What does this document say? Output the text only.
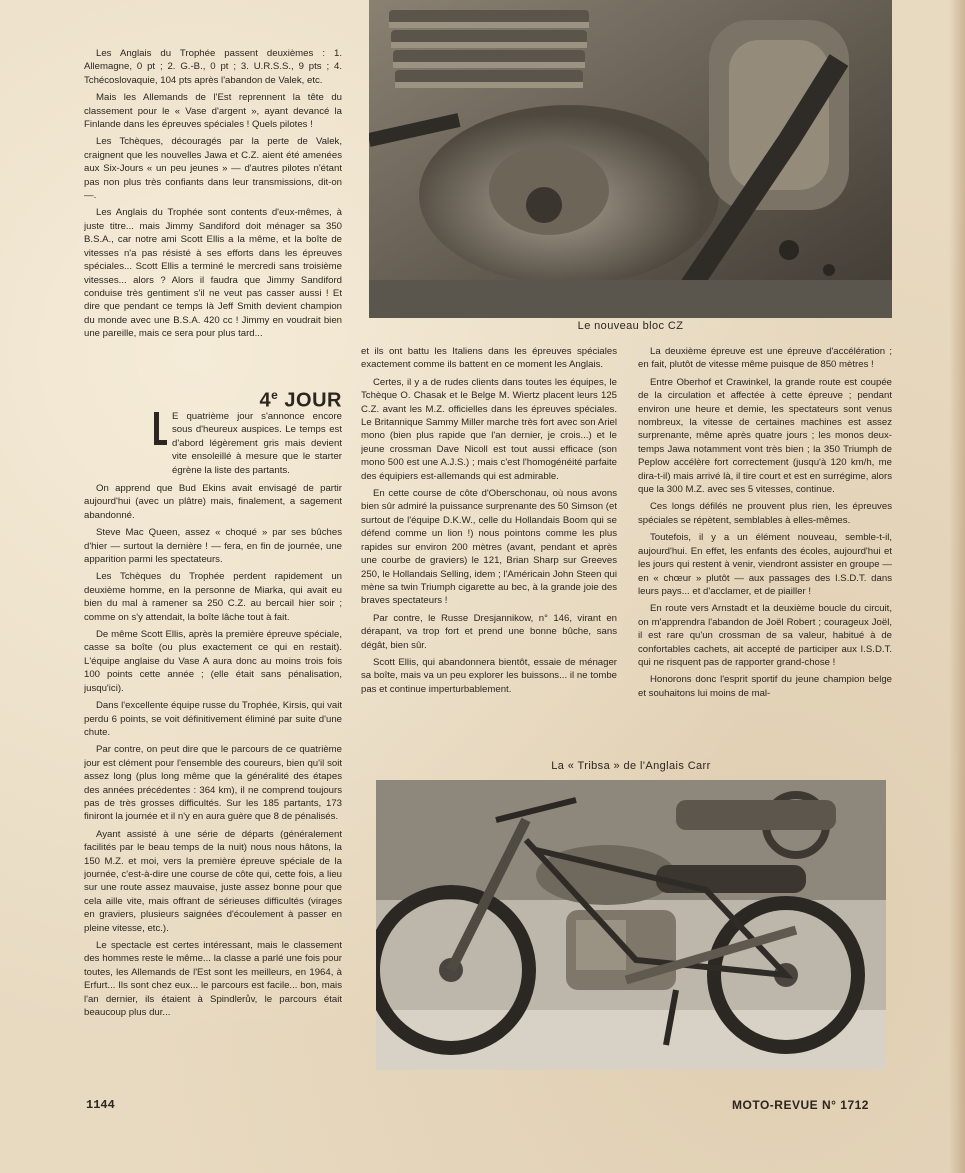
Les Anglais du Trophée passent deuxièmes : 1. Allemagne, 0 pt ; 2. G.-B., 0 pt ; 3. U.R.S.S., 9 pts ; 4. Tchécoslovaquie, 104 pts après l'abandon de Valek, etc.

Mais les Allemands de l'Est reprennent la tête du classement pour le « Vase d'argent », ayant devancé la Finlande dans les épreuves spéciales ! Quels pilotes !

Les Tchèques, découragés par la perte de Valek, craignent que les nouvelles Jawa et C.Z. aient été amenées aux Six-Jours « un peu jeunes » — d'autres pilotes n'étant pas non plus très confiants dans leur transmissions, dit-on —.

Les Anglais du Trophée sont contents d'eux-mêmes, à juste titre... mais Jimmy Sandiford doit ménager sa 350 B.S.A., car notre ami Scott Ellis a la même, et la boîte de vitesses n'a pas résisté à ses efforts dans les épreuves spéciales... Scott Ellis a terminé le mercredi sans troisième vitesses... alors ? Alors il faudra que Jimmy Sandiford conduise très gentiment s'il ne veut pas casser aussi ! Et dire que pendant ce temps là Jeff Smith devient champion du monde avec une B.S.A. 420 cc ! Jimmy en voudrait bien une pareille, mais ce sera pour plus tard...

4e JOUR
E quatrième jour s'annonce encore sous d'heureux auspices. Le temps est d'abord légèrement gris mais devient vite ensoleillé à mesure que le starter égrène la liste des partants.

On apprend que Bud Ekins avait envisagé de partir aujourd'hui (avec un plâtre) mais, finalement, a sagement abandonné.

Steve Mac Queen, assez « choqué » par ses bûches d'hier — surtout la dernière ! — fera, en fin de journée, une apparition parmi les spectateurs.

Les Tchèques du Trophée perdent rapidement un deuxième homme, en la personne de Miarka, qui avait eu bien du mal à ramener sa 250 C.Z. au bercail hier soir ; comme on s'y attendait, la boîte lâche tout à fait.

De même Scott Ellis, après la première épreuve spéciale, casse sa boîte (ou plus exactement ce qui en restait). L'équipe anglaise du Vase A aura donc au moins trois fois 100 points cette année ; (elle était sans pénalisation, jusqu'ici).

Dans l'excellente équipe russe du Trophée, Kirsis, qui vait perdu 6 points, se voit définitivement éliminé par suite d'une chute.

Par contre, on peut dire que le parcours de ce quatrième jour est clément pour l'ensemble des coureurs, bien qu'il soit assez long (plus long même que la généralité des étapes des années précédentes : 364 km), il ne comprend toujours pas de très grosses difficultés. Sur les 185 partants, 173 finiront la journée et il n'y en aura guère que 8 de pénalisés.

Ayant assisté à une série de départs (généralement facilités par le beau temps de la nuit) nous nous hâtons, la 150 M.Z. et moi, vers la première épreuve spéciale de la journée, c'est-à-dire une course de côte qui, cette fois, a lieu sur une route assez mauvaise, juste assez bonne pour que cela aille vite, mais offrant de sérieuses difficultés (virages en graviers, plusieurs saignées d'écoulement à passer en pleine vitesse, etc.).

Le spectacle est certes intéressant, mais le classement des hommes reste le même... la classe a parlé une fois pour toutes, les Allemands de l'Est sont les meilleurs, en 1964, à Erfurt... Ils sont chez eux... le parcours est facile... bon, mais l'an dernier, ils étaient à Spindlerův, le parcours était beaucoup plus dur...

Le nouveau bloc CZ

et ils ont battu les Italiens dans les épreuves spéciales exactement comme ils battent en ce moment les Anglais.

Certes, il y a de rudes clients dans toutes les équipes, le Tchèque O. Chasak et le Belge M. Wiertz placent leurs 125 C.Z. avant les M.Z. officielles dans les épreuves spéciales. Le Britannique Sammy Miller marche très fort avec son Ariel mono (bien plus rapide que l'an dernier, je crois...) et le jeune crossman Dave Nicoll est tout aussi efficace (son mono 500 est une A.J.S.) ; mais c'est l'homogénéité parfaite des équipiers est-allemands qui est admirable.

En cette course de côte d'Oberschonau, où nous avons bien sûr admiré la puissance surprenante des 50 Simson (et surtout de l'équipe D.K.W., celle du Hollandais Boom qui se défend comme un lion !) nous pointons comme les plus rapides sur environ 200 mètres (avant, pendant et après une courbe de graviers) le 121, Brian Sharp sur Greeves 250, le Hollandais Selling, idem ; l'Américain John Steen qui mène sa twin Triumph cigarette au bec, à la grande joie des braves spectateurs !

Par contre, le Russe Dresjannikow, n° 146, virant en dérapant, va trop fort et prend une bonne bûche, sans dégât, bien sûr.

Scott Ellis, qui abandonnera bientôt, essaie de ménager sa boîte, mais va un peu explorer les buissons... il ne tombe pas et continue imperturbablement.

La deuxième épreuve est une épreuve d'accélération ; en fait, plutôt de vitesse même puisque de 850 mètres !

Entre Oberhof et Crawinkel, la grande route est coupée de la circulation et affectée à cette épreuve ; pendant environ une heure et demie, les spectateurs sont venus nombreux, la vitesse de certaines machines est assez surprenante, même après quatre jours ; les monos deux-temps Jawa notamment vont très bien ; la 350 Triumph de Peplow accélère fort correctement (jusqu'à 120 km/h, me dira-t-il) mais arrivé là, il tire court et est en surrégime, alors que la 300 M.Z. avec ses 5 vitesses, continue.

Ces longs défilés ne prouvent plus rien, les épreuves spéciales se répètent, semblables à elles-mêmes.

Toutefois, il y a un élément nouveau, semble-t-il, aujourd'hui. En effet, les enfants des écoles, aujourd'hui et les jours qui restent à venir, viendront assister en groupe — en « chœur » plutôt — aux passages des I.S.D.T. dans leurs pays... et d'acclamer, et de piailler !

En route vers Arnstadt et la deuxième boucle du circuit, on m'apprendra l'abandon de Joël Robert ; courageux Joël, il est rare qu'un crossman de sa valeur, habitué à de confortables cachets, ait accepté de participer aux I.S.D.T. qui ne risquent pas de rapporter grand-chose !

Honorons donc l'esprit sportif du jeune champion belge et souhaitons lui moins de mal-

La « Tribsa » de l'Anglais Carr
1144	MOTO-REVUE N° 1712
